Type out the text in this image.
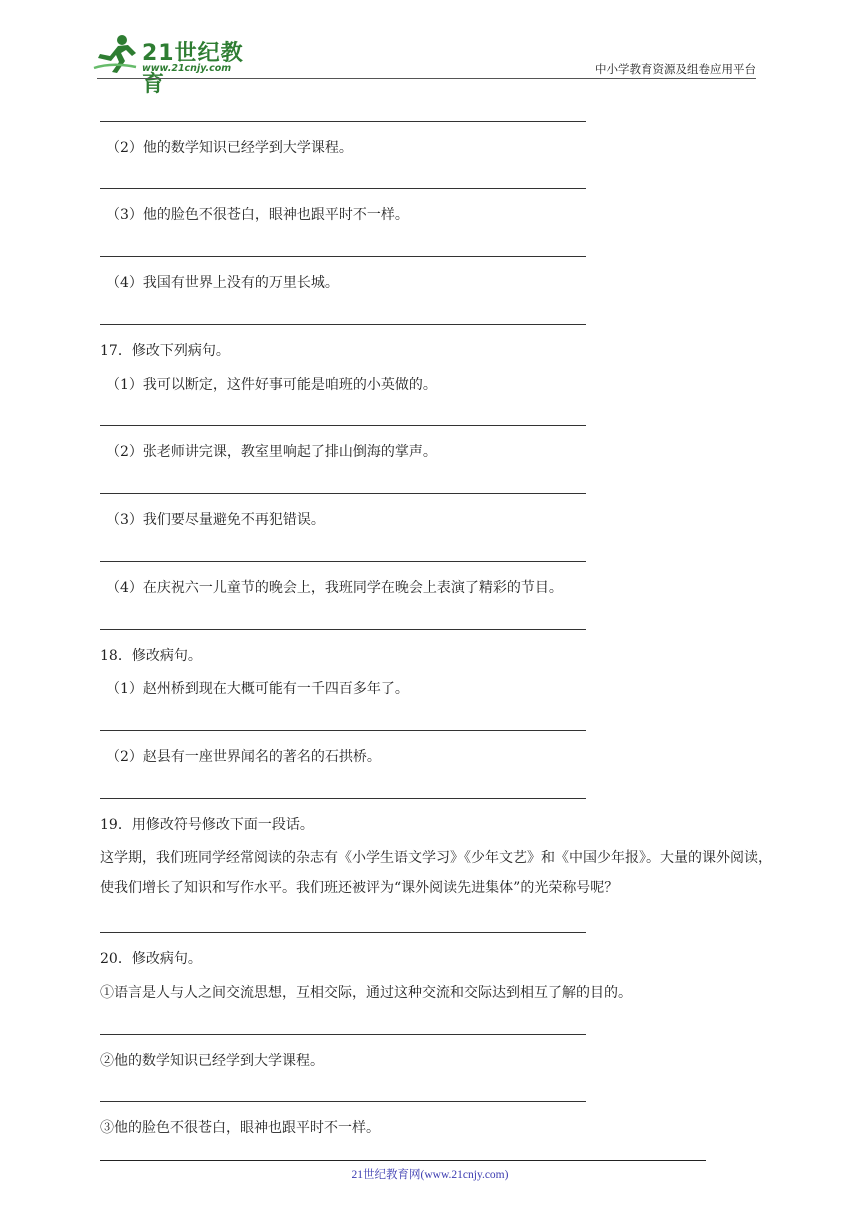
21世纪教育
www.21cnjy.com	中小学教育资源及组卷应用平台
（2）他的数学知识已经学到大学课程。
（3）他的脸色不很苍白，眼神也跟平时不一样。
（4）我国有世界上没有的万里长城。
17．修改下列病句。
（1）我可以断定，这件好事可能是咱班的小英做的。
（2）张老师讲完课，教室里响起了排山倒海的掌声。
（3）我们要尽量避免不再犯错误。
（4）在庆祝六一儿童节的晚会上，我班同学在晚会上表演了精彩的节目。
18．修改病句。
（1）赵州桥到现在大概可能有一千四百多年了。
（2）赵县有一座世界闻名的著名的石拱桥。
19．用修改符号修改下面一段话。
这学期，我们班同学经常阅读的杂志有《小学生语文学习》《少年文艺》和《中国少年报》。大量的课外阅读，使我们增长了知识和写作水平。我们班还被评为“课外阅读先进集体”的光荣称号呢？
20．修改病句。
①语言是人与人之间交流思想，互相交际，通过这种交流和交际达到相互了解的目的。
②他的数学知识已经学到大学课程。
③他的脸色不很苍白，眼神也跟平时不一样。
21世纪教育网(www.21cnjy.com)
